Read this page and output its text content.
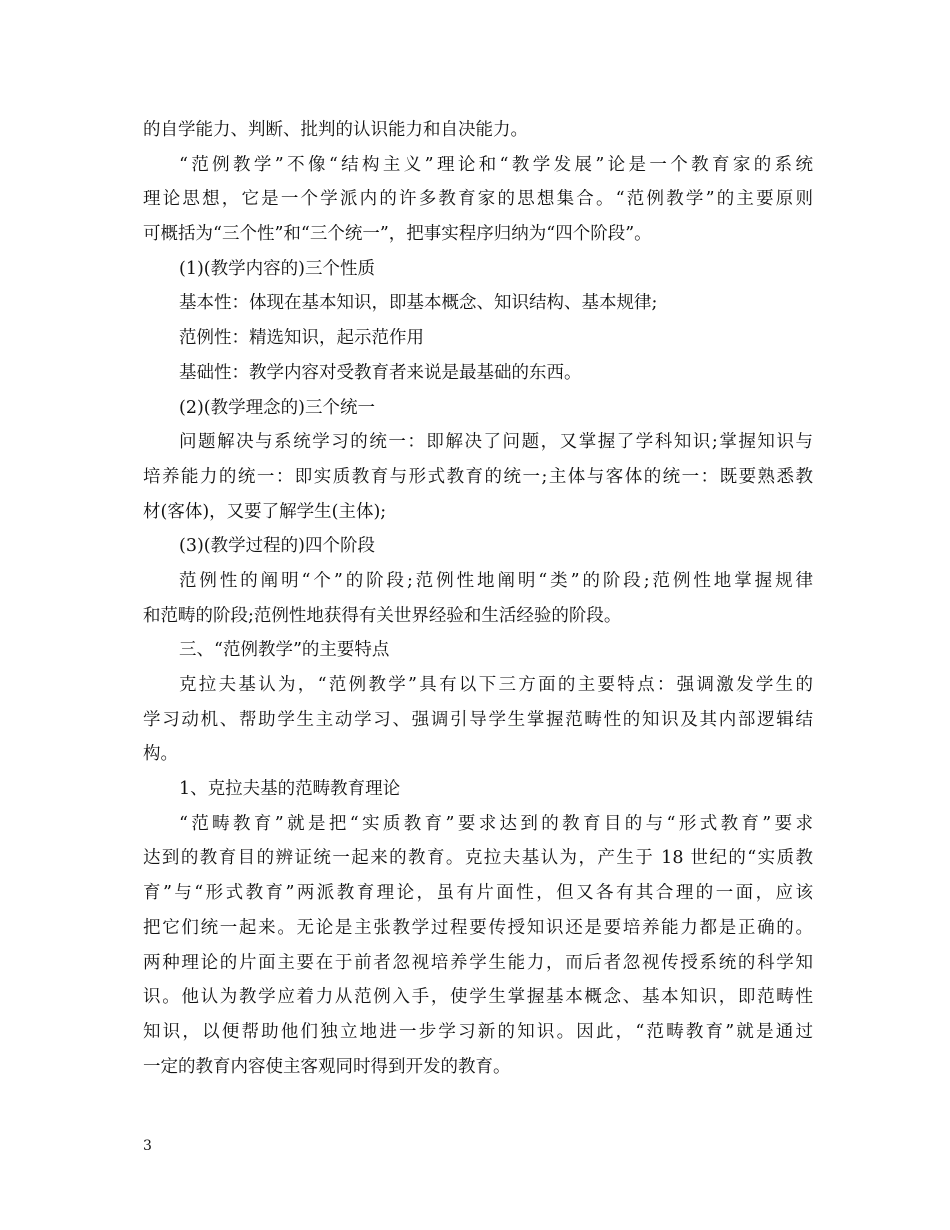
的自学能力、判断、批判的认识能力和自决能力。
“范例教学”不像“结构主义”理论和“教学发展”论是一个教育家的系统
理论思想，它是一个学派内的许多教育家的思想集合。“范例教学”的主要原则
可概括为“三个性”和“三个统一”，把事实程序归纳为“四个阶段”。
(1)(教学内容的)三个性质
基本性：体现在基本知识，即基本概念、知识结构、基本规律;
范例性：精选知识，起示范作用
基础性：教学内容对受教育者来说是最基础的东西。
(2)(教学理念的)三个统一
问题解决与系统学习的统一：即解决了问题，又掌握了学科知识;掌握知识与
培养能力的统一：即实质教育与形式教育的统一;主体与客体的统一：既要熟悉教
材(客体)，又要了解学生(主体);
(3)(教学过程的)四个阶段
范例性的阐明“个”的阶段;范例性地阐明“类”的阶段;范例性地掌握规律
和范畴的阶段;范例性地获得有关世界经验和生活经验的阶段。
三、“范例教学”的主要特点
克拉夫基认为，“范例教学”具有以下三方面的主要特点：强调激发学生的
学习动机、帮助学生主动学习、强调引导学生掌握范畴性的知识及其内部逻辑结
构。
1、克拉夫基的范畴教育理论
“范畴教育”就是把“实质教育”要求达到的教育目的与“形式教育”要求
达到的教育目的辨证统一起来的教育。克拉夫基认为，产生于 18 世纪的“实质教
育”与“形式教育”两派教育理论，虽有片面性，但又各有其合理的一面，应该
把它们统一起来。无论是主张教学过程要传授知识还是要培养能力都是正确的。
两种理论的片面主要在于前者忽视培养学生能力，而后者忽视传授系统的科学知
识。他认为教学应着力从范例入手，使学生掌握基本概念、基本知识，即范畴性
知识，以便帮助他们独立地进一步学习新的知识。因此，“范畴教育”就是通过
一定的教育内容使主客观同时得到开发的教育。
3
